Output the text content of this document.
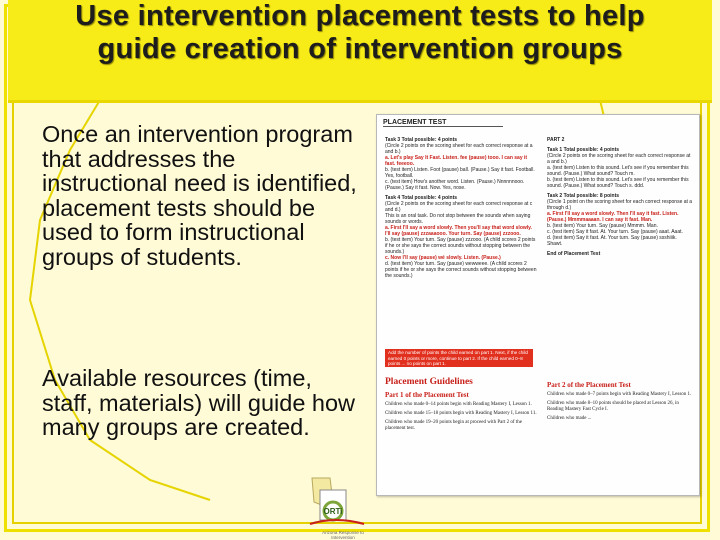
Use intervention placement tests to help guide creation of intervention groups
Once an intervention program that addresses the instructional need is identified, placement tests should be used to form instructional groups of students.
Available resources (time, staff, materials) will guide how many groups are created.
PLACEMENT TEST
Task 3 Total possible: 4 points
(Circle 2 points on the scoring sheet for each correct response at a and b.)
a. Let's play Say It Fast. Listen. fee (pause) tooo. I can say it fast. feeeoo.
b. (test item) Listen. Foot (pause) ball. (Pause.) Say it fast. Football. Yes, football.
c. (test item) How's another word. Listen. (Pause.) Nnnnnnooo. (Pause.) Say it fast. Now. Yes, nose.
Task 4 Total possible: 4 points
(Circle 2 points on the scoring sheet for each correct response at c and d.)
This is an oral task. Do not stop between the sounds when saying sounds or words.
a. First I'll say a word slowly. Then you'll say that word slowly. I'll say (pause) zzzaaaooo. Your turn. Say (pause) zzzooo.
b. (test item) Your turn. Say (pause) zzzooo. (A child scores 2 points if he or she says the correct sounds without stopping between the sounds.)
c. Now I'll say (pause) wé slowly. Listen. (Pause.)
d. (test item) Your turn. Say (pause) wewweee. (A child scores 2 points if he or she says the correct sounds without stopping between the sounds.)
PART 2
Task 1 Total possible: 4 points
(Circle 2 points on the scoring sheet for each correct response at a and b.)
a. (test item) Listen to this sound. Let's see if you remember this sound. (Pause.) What sound? Touch m.
b. (test item) Listen to this sound. Let's see if you remember this sound. (Pause.) What sound? Touch s. ddd.
Task 2 Total possible: 8 points
(Circle 1 point on the scoring sheet for each correct response at a through d.)
a. First I'll say a word slowly. Then I'll say it fast. Listen. (Pause.) Mmmmaaaan. I can say it fast. Man.
b. (test item) Your turn. Say (pause) Mmmm. Man.
c. (test item) Say it fast. At. Your turn. Say (pause) aaat. Aaat.
d. (test item) Say it fast. At. Your turn. Say (pause) ssshiiik. Shawt.
End of Placement Test
Add the number of points the child earned on part 1. Next, if the child earned 0 points or more, continue to part 2. If the child earned 0–8 points ... no points on part 1.
Placement Guidelines
Part 1 of the Placement Test
Children who made 0–14 points begin with Reading Mastery I, Lesson 1.
Children who made 15–18 points begin with Reading Mastery I, Lesson 11.
Children who made 19–20 points begin at proceed with Part 2 of the placement test.
Part 2 of the Placement Test
Children who made 0–7 points begin with Reading Mastery I, Lesson 1.
Children who made 8–10 points should be placed at Lesson 26, in Reading Mastery Fast Cycle I.
Children who made ...
ORTi
Arizona Response to Intervention
